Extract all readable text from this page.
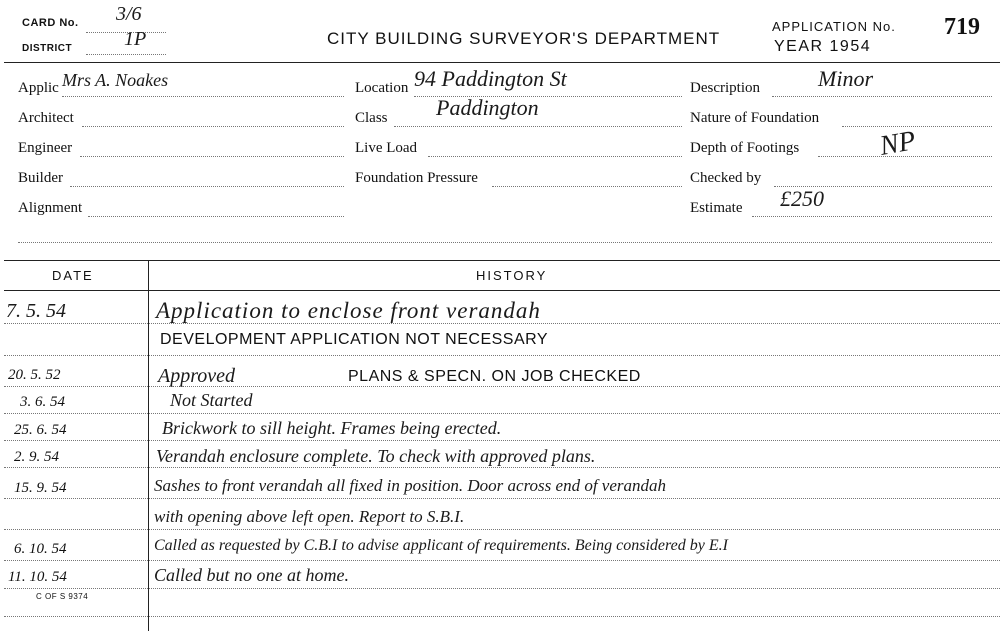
CARD No. 3/6
DISTRICT	1P	CITY BUILDING SURVEYOR'S DEPARTMENT
APPLICATION No. 719
YEAR 1954
Applic Mrs A. Noakes
Architect
Engineer
Builder
Alignment
Location 94 Paddington St
Class Paddington
Live Load
Foundation Pressure
Description	Minor
Nature of Foundation
Depth of Footings	NP
Checked by
Estimate £250
DATE	HISTORY
7. 5. 54	Application to enclose front verandah
DEVELOPMENT APPLICATION NOT NECESSARY
20. 5. 52	Approved	PLANS & SPECN. ON JOB CHECKED
3. 6. 54	Not Started
25. 6. 54	Brickwork to sill height. Frames being erected.
2. 9. 54	Verandah enclosure complete. To check with approved plans.
15. 9. 54	Sashes to front verandah all fixed in position. Door across end of verandah
with opening above left open. Report to S.B.I.
6. 10. 54	Called as requested by C.B.I to advise applicant of requirements. Being considered by E.I
11. 10. 54	Called but no one at home.
C OF S 9374
